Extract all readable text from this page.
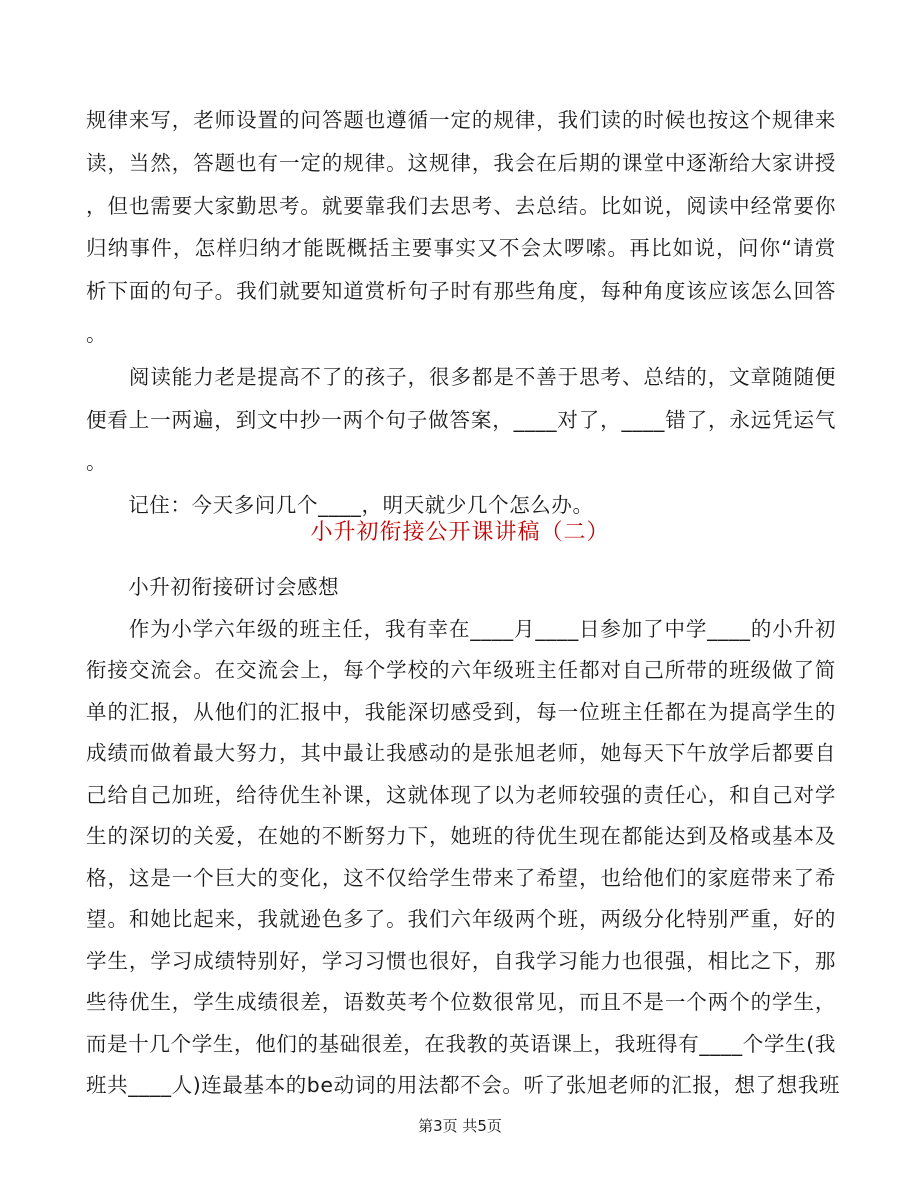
规律来写，老师设置的问答题也遵循一定的规律，我们读的时候也按这个规律来
读，当然，答题也有一定的规律。这规律，我会在后期的课堂中逐渐给大家讲授
，但也需要大家勤思考。就要靠我们去思考、去总结。比如说，阅读中经常要你
归纳事件，怎样归纳才能既概括主要事实又不会太啰嗦。再比如说，问你“请赏
析下面的句子。我们就要知道赏析句子时有那些角度，每种角度该应该怎么回答
。
　　阅读能力老是提高不了的孩子，很多都是不善于思考、总结的，文章随随便
便看上一两遍，到文中抄一两个句子做答案，____对了，____错了，永远凭运气
。
　　记住：今天多问几个____，明天就少几个怎么办。
小升初衔接公开课讲稿（二）
　　小升初衔接研讨会感想
　　作为小学六年级的班主任，我有幸在____月____日参加了中学____的小升初
衔接交流会。在交流会上，每个学校的六年级班主任都对自己所带的班级做了简
单的汇报，从他们的汇报中，我能深切感受到，每一位班主任都在为提高学生的
成绩而做着最大努力，其中最让我感动的是张旭老师，她每天下午放学后都要自
己给自己加班，给待优生补课，这就体现了以为老师较强的责任心，和自己对学
生的深切的关爱，在她的不断努力下，她班的待优生现在都能达到及格或基本及
格，这是一个巨大的变化，这不仅给学生带来了希望，也给他们的家庭带来了希
望。和她比起来，我就逊色多了。我们六年级两个班，两级分化特别严重，好的
学生，学习成绩特别好，学习习惯也很好，自我学习能力也很强，相比之下，那
些待优生，学生成绩很差，语数英考个位数很常见，而且不是一个两个的学生，
而是十几个学生，他们的基础很差，在我教的英语课上，我班得有____个学生(我
班共____人)连最基本的be动词的用法都不会。听了张旭老师的汇报，想了想我班
第3页 共5页
